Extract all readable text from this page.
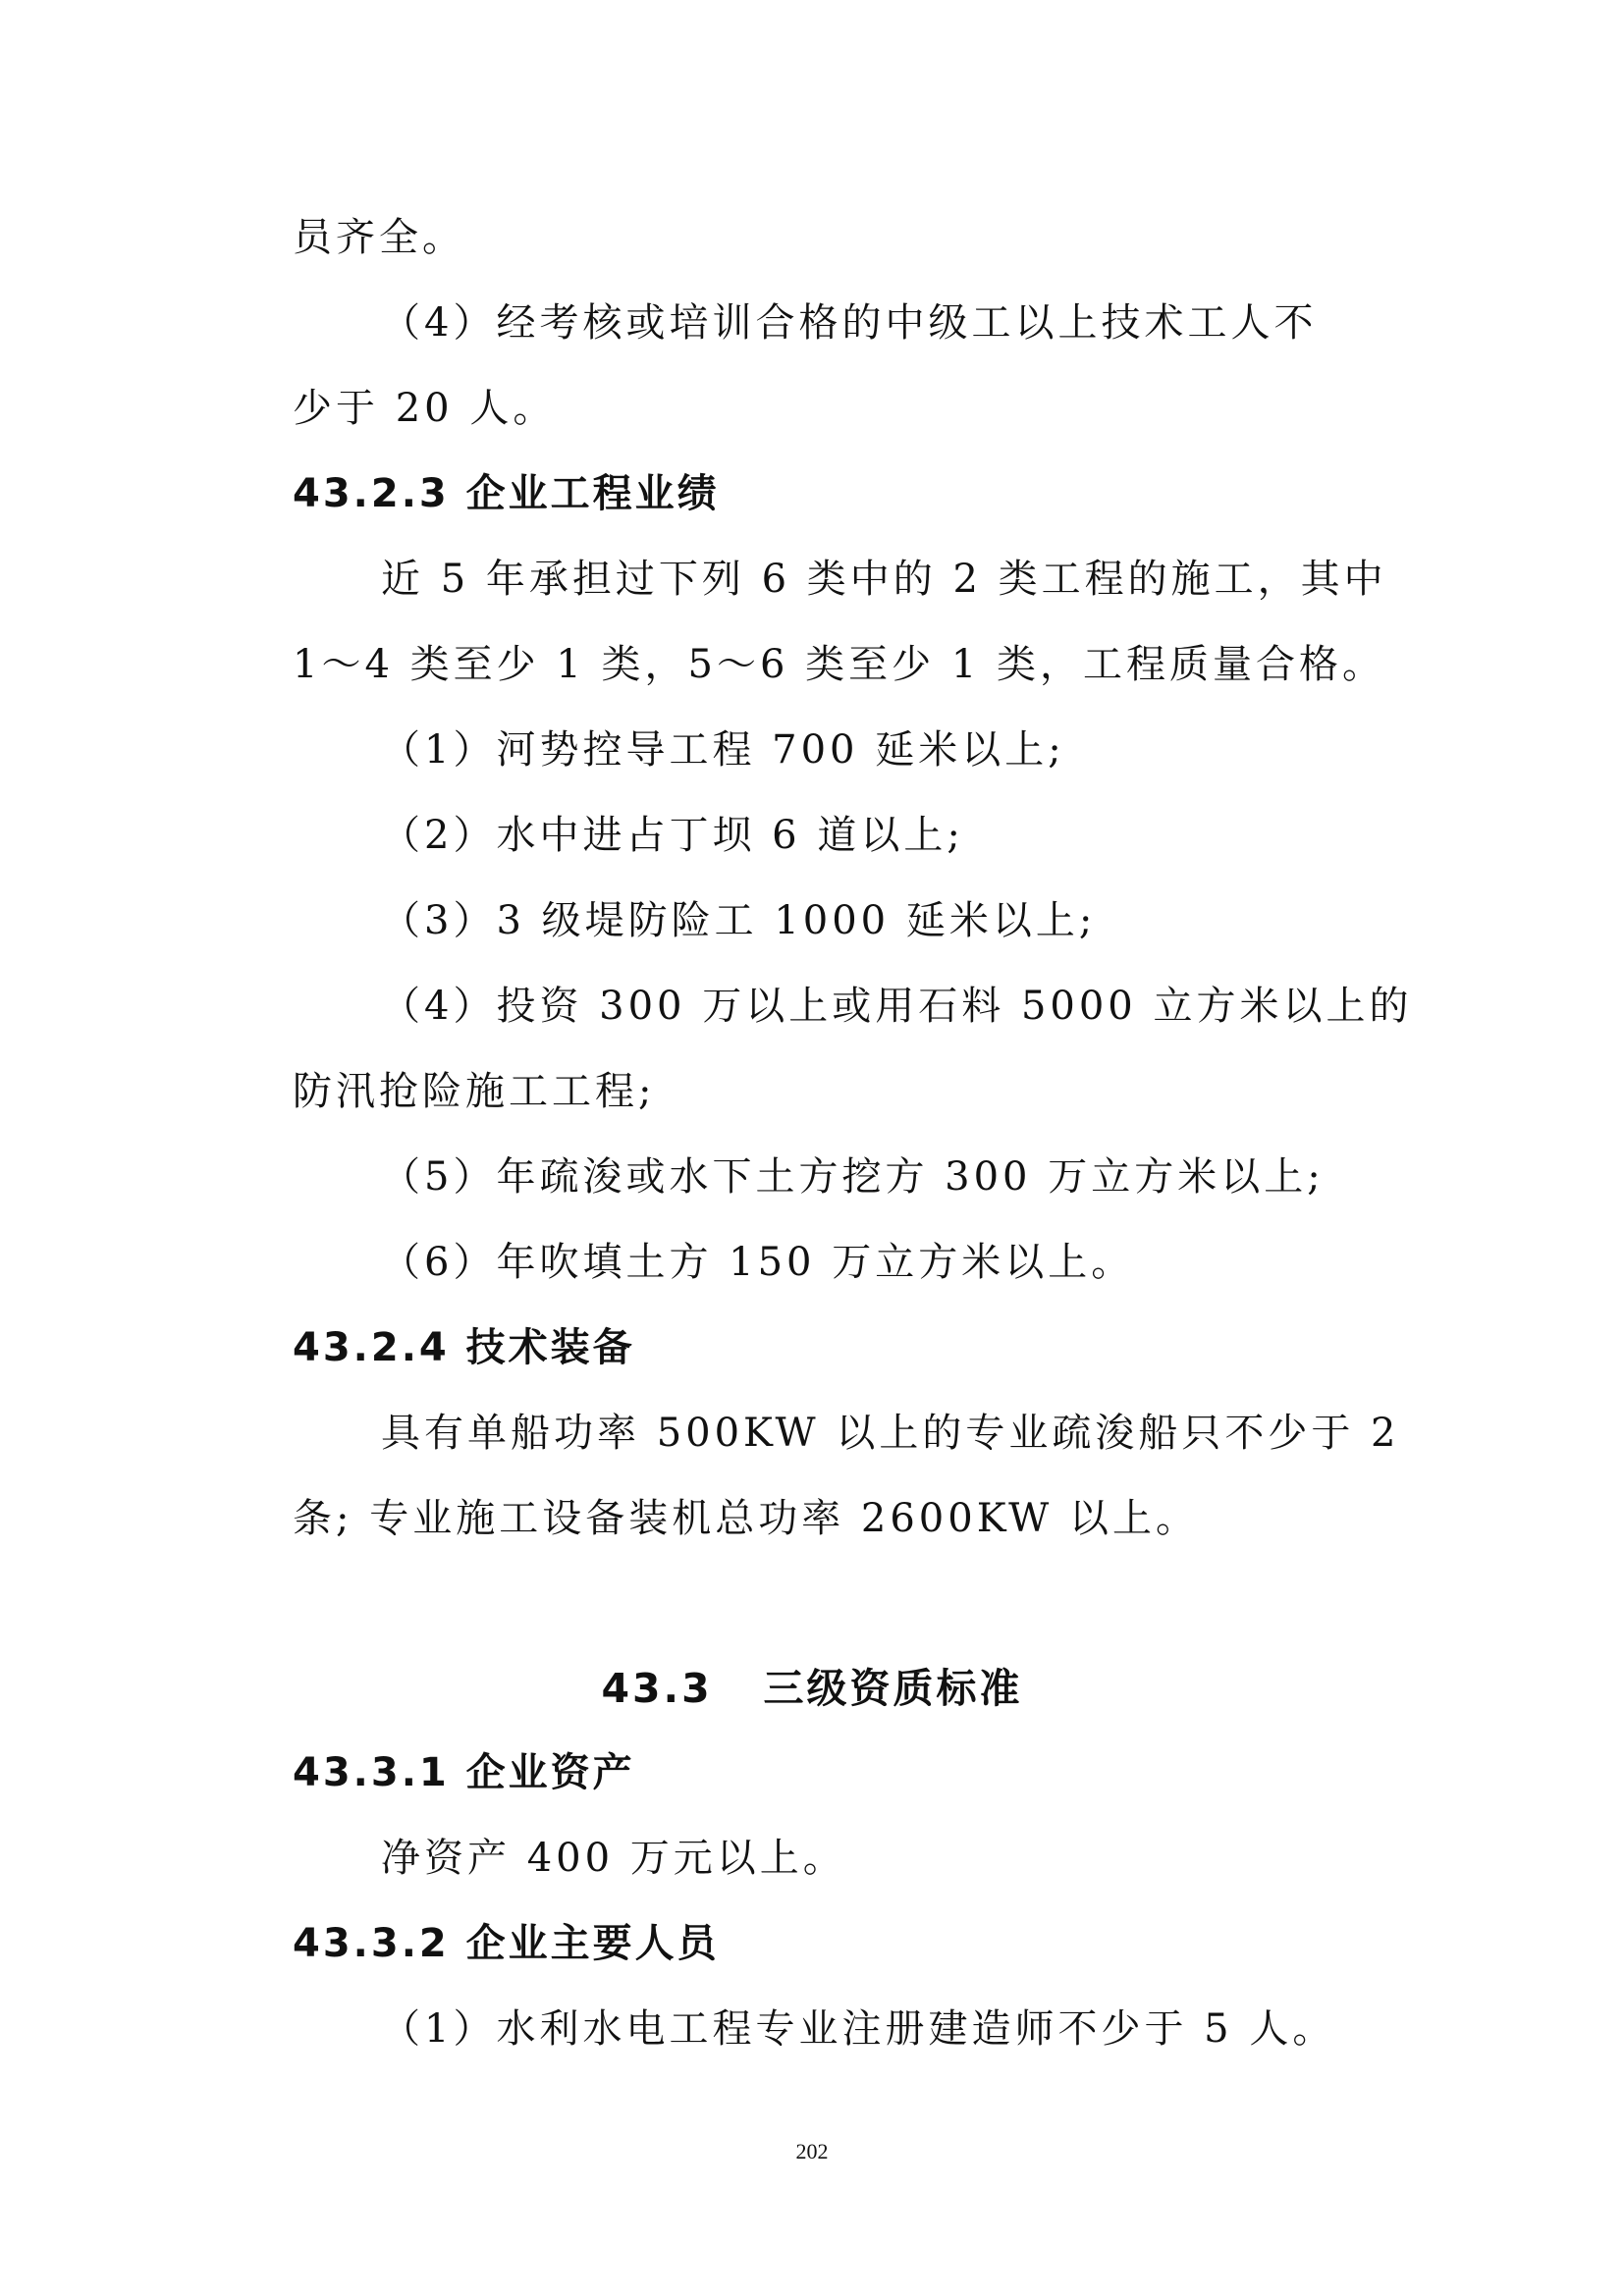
员齐全。
（4）经考核或培训合格的中级工以上技术工人不
少于 20 人。
43.2.3 企业工程业绩
近 5 年承担过下列 6 类中的 2 类工程的施工，其中
1～4 类至少 1 类，5～6 类至少 1 类，工程质量合格。
（1）河势控导工程 700 延米以上;
（2）水中进占丁坝 6 道以上;
（3）3 级堤防险工 1000 延米以上;
（4）投资 300 万以上或用石料 5000 立方米以上的
防汛抢险施工工程;
（5）年疏浚或水下土方挖方 300 万立方米以上;
（6）年吹填土方 150 万立方米以上。
43.2.4 技术装备
具有单船功率 500KW 以上的专业疏浚船只不少于 2
条; 专业施工设备装机总功率 2600KW 以上。
43.3   三级资质标准
43.3.1 企业资产
净资产 400 万元以上。
43.3.2 企业主要人员
（1）水利水电工程专业注册建造师不少于 5 人。
202
